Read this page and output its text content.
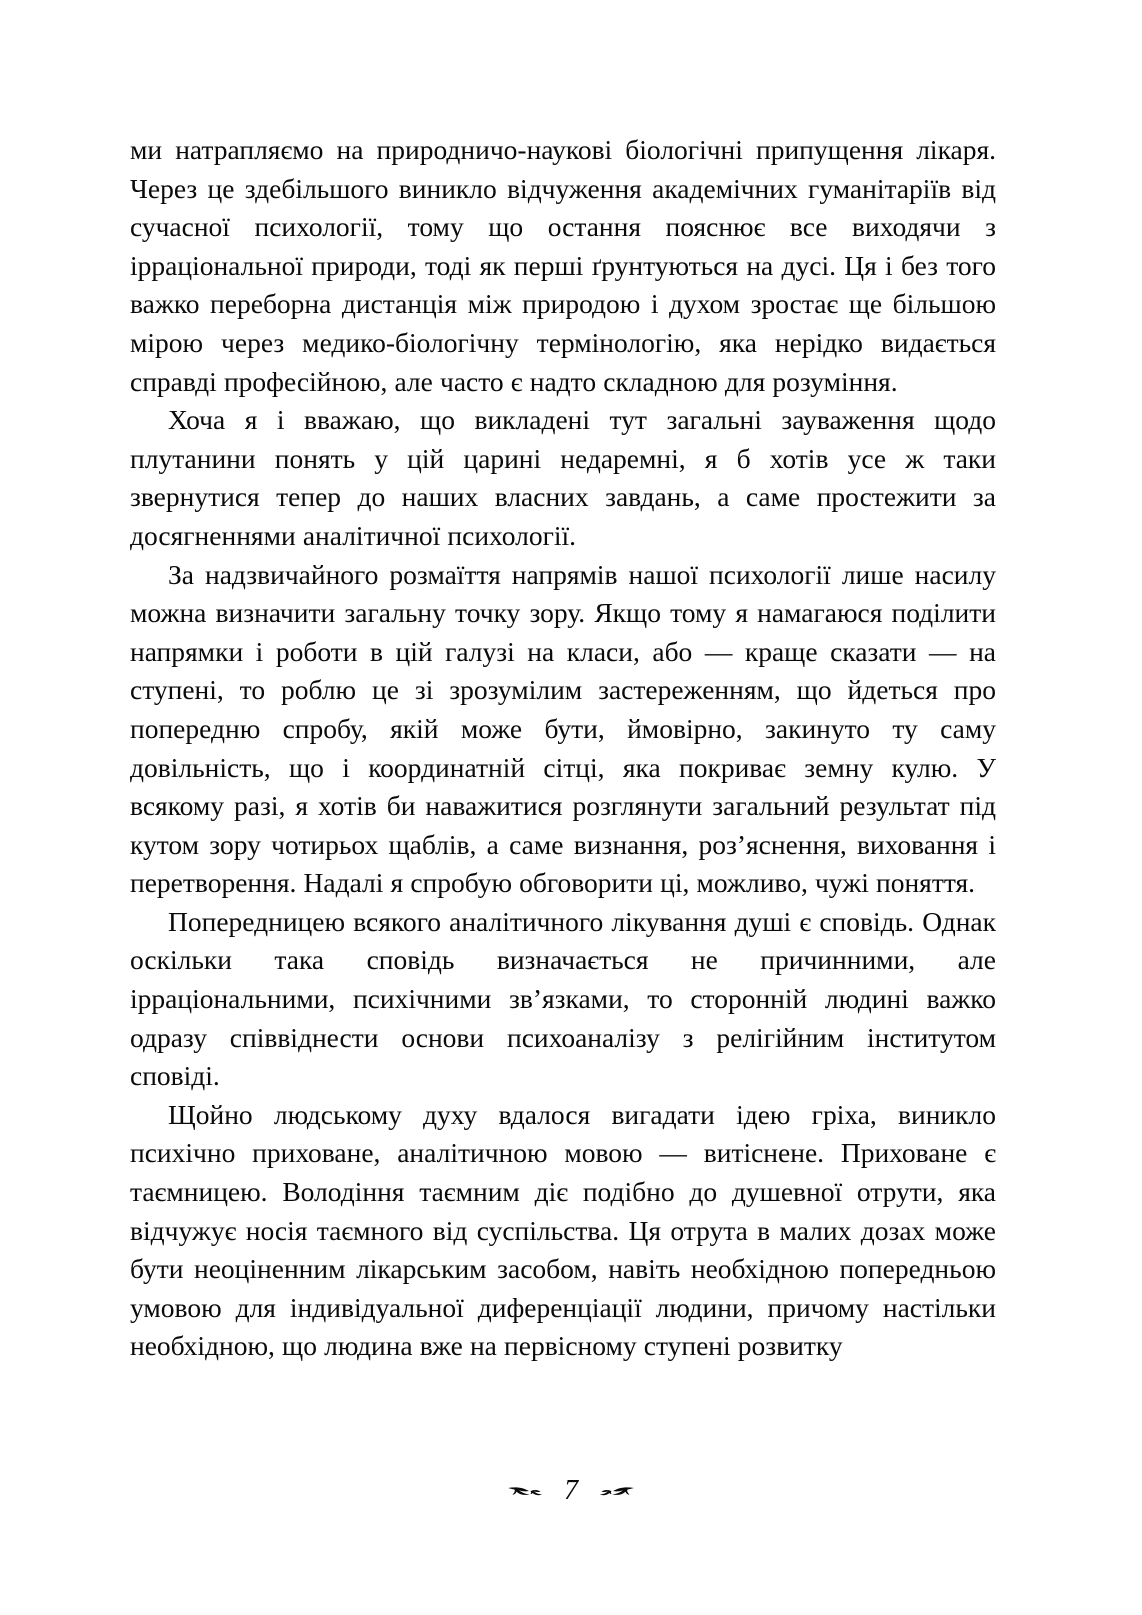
ми натрапляємо на природничо-наукові біологічні припущення лікаря. Через це здебільшого виникло відчуження академічних гуманітаріїв від сучасної психології, тому що остання пояснює все виходячи з ірраціональної природи, тоді як перші ґрунтуються на дусі. Ця і без того важко переборна дистанція між природою і духом зростає ще більшою мірою через медико-біологічну термінологію, яка нерідко видається справді професійною, але часто є надто складною для розуміння.

Хоча я і вважаю, що викладені тут загальні зауваження щодо плутанини понять у цій царині недаремні, я б хотів усе ж таки звернутися тепер до наших власних завдань, а саме простежити за досягненнями аналітичної психології.

За надзвичайного розмаїття напрямів нашої психології лише насилу можна визначити загальну точку зору. Якщо тому я намагаюся поділити напрямки і роботи в цій галузі на класи, або — краще сказати — на ступені, то роблю це зі зрозумілим застереженням, що йдеться про попередню спробу, якій може бути, ймовірно, закинуто ту саму довільність, що і координатній сітці, яка покриває земну кулю. У всякому разі, я хотів би наважитися розглянути загальний результат під кутом зору чотирьох щаблів, а саме визнання, роз’яснення, виховання і перетворення. Надалі я спробую обговорити ці, можливо, чужі поняття.

Попередницею всякого аналітичного лікування душі є сповідь. Однак оскільки така сповідь визначається не причинними, але ірраціональними, психічними зв’язками, то сторонній людині важко одразу співвіднести основи психоаналізу з релігійним інститутом сповіді.

Щойно людському духу вдалося вигадати ідею гріха, виникло психічно приховане, аналітичною мовою — витіснене. Приховане є таємницею. Володіння таємним діє подібно до душевної отрути, яка відчужує носія таємного від суспільства. Ця отрута в малих дозах може бути неоціненним лікарським засобом, навіть необхідною попередньою умовою для індивідуальної диференціації людини, причому настільки необхідною, що людина вже на первісному ступені розвитку

7
